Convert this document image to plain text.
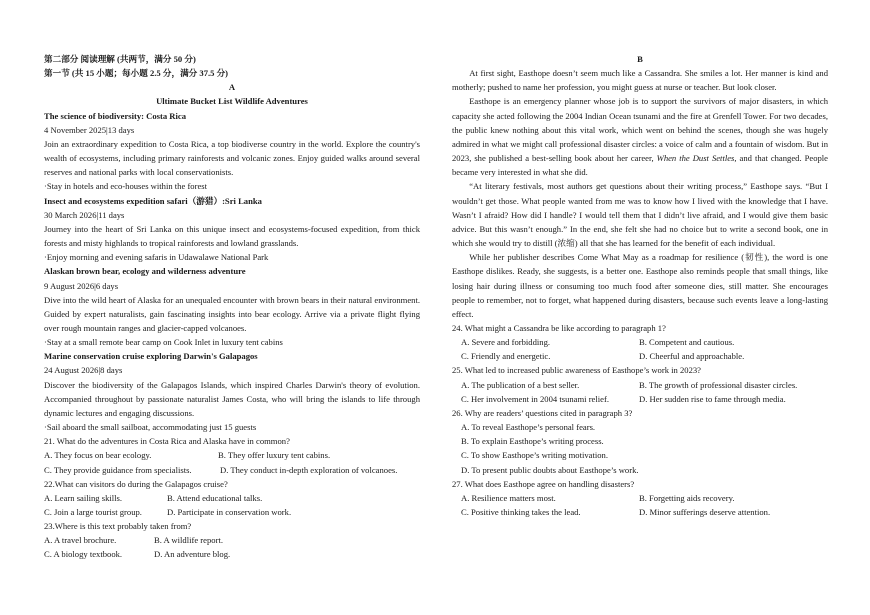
第二部分 阅读理解 (共两节，满分 50 分)
第一节 (共 15 小题；每小题 2.5 分，满分 37.5 分)
A
Ultimate Bucket List Wildlife Adventures
The science of biodiversity: Costa Rica
4 November 2025|13 days
Join an extraordinary expedition to Costa Rica, a top biodiverse country in the world. Explore the country's wealth of ecosystems, including primary rainforests and volcanic zones. Enjoy guided walks around several reserves and national parks with local conservationists.
·Stay in hotels and eco-houses within the forest
Insect and ecosystems expedition safari（游猎）:Sri Lanka
30 March 2026|11 days
Journey into the heart of Sri Lanka on this unique insect and ecosystems-focused expedition, from thick forests and misty highlands to tropical rainforests and lowland grasslands.
·Enjoy morning and evening safaris in Udawalawe National Park
Alaskan brown bear, ecology and wilderness adventure
9 August 2026|6 days
Dive into the wild heart of Alaska for an unequaled encounter with brown bears in their natural environment. Guided by expert naturalists, gain fascinating insights into bear ecology. Arrive via a private flight flying over rough mountain ranges and glacier-capped volcanoes.
·Stay at a small remote bear camp on Cook Inlet in luxury tent cabins
Marine conservation cruise exploring Darwin's Galapagos
24 August 2026|8 days
Discover the biodiversity of the Galapagos Islands, which inspired Charles Darwin's theory of evolution. Accompanied throughout by passionate naturalist James Costa, who will bring the islands to life through dynamic lectures and engaging discussions.
·Sail aboard the small sailboat, accommodating just 15 guests
21. What do the adventures in Costa Rica and Alaska have in common?
A. They focus on bear ecology.	B. They offer luxury tent cabins.
C. They provide guidance from specialists.	D. They conduct in-depth exploration of volcanoes.
22.What can visitors do during the Galapagos cruise?
A. Learn sailing skills.	B. Attend educational talks.
C. Join a large tourist group.	D. Participate in conservation work.
23.Where is this text probably taken from?
A. A travel brochure.	B. A wildlife report.
C. A biology textbook.	D. An adventure blog.
B
At first sight, Easthope doesn’t seem much like a Cassandra. She smiles a lot. Her manner is kind and motherly; pushed to name her profession, you might guess at nurse or teacher. But look closer.
Easthope is an emergency planner whose job is to support the survivors of major disasters, in which capacity she acted following the 2004 Indian Ocean tsunami and the fire at Grenfell Tower. For two decades, the public knew nothing about this vital work, which went on behind the scenes, though she was hugely admired in what we might call professional disaster circles: a voice of calm and a fountain of wisdom. But in 2023, she published a best-selling book about her career, When the Dust Settles, and that changed. People became very interested in what she did.
“At literary festivals, most authors get questions about their writing process,” Easthope says. “But I wouldn’t get those. What people wanted from me was to know how I lived with the knowledge that I have. Wasn’t I afraid? How did I handle? I would tell them that I didn’t live afraid, and I would give them basic advice. But this wasn’t enough.” In the end, she felt she had no choice but to write a second book, one in which she would try to distill (浓缩) all that she has learned for the benefit of each individual.
While her publisher describes Come What May as a roadmap for resilience (韧性), the word is one Easthope dislikes. Ready, she suggests, is a better one. Easthope also reminds people that small things, like losing hair during illness or consuming too much food after someone dies, still matter. She encourages people to remember, not to forget, what happened during disasters, because such events leave a long-lasting effect.
24. What might a Cassandra be like according to paragraph 1?
A. Severe and forbidding.	B. Competent and cautious.
C. Friendly and energetic.	D. Cheerful and approachable.
25. What led to increased public awareness of Easthope’s work in 2023?
A. The publication of a best seller.	B. The growth of professional disaster circles.
C. Her involvement in 2004 tsunami relief.	D. Her sudden rise to fame through media.
26. Why are readers’ questions cited in paragraph 3?
A. To reveal Easthope’s personal fears.
B. To explain Easthope’s writing process.
C. To show Easthope’s writing motivation.
D. To present public doubts about Easthope’s work.
27. What does Easthope agree on handling disasters?
A. Resilience matters most.	B. Forgetting aids recovery.
C. Positive thinking takes the lead.	D. Minor sufferings deserve attention.
